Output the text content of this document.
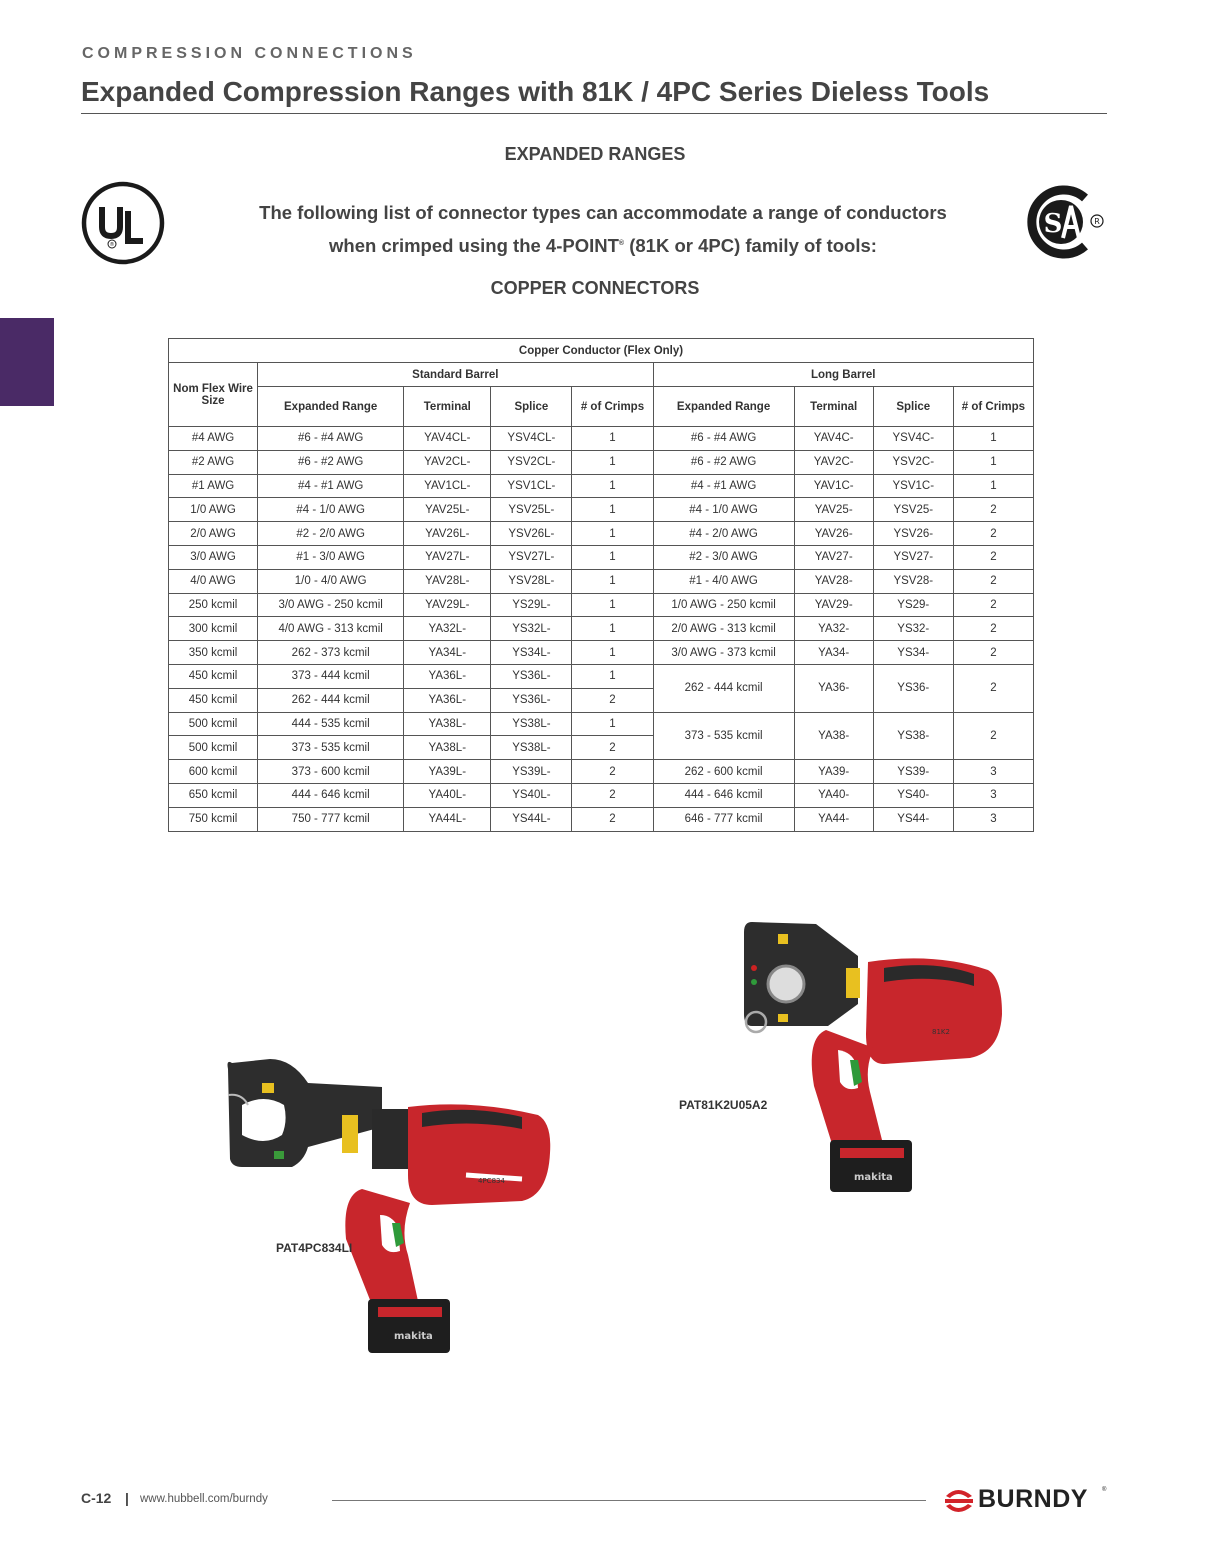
COMPRESSION CONNECTIONS
Expanded Compression Ranges with 81K / 4PC Series Dieless Tools
EXPANDED RANGES
®
The following list of connector types can accommodate a range of conductors
when crimped using the 4-POINT® (81K or 4PC) family of tools:
S	R
COPPER CONNECTORS
Copper Conductor (Flex Only)								
Nom Flex Wire Size	Standard Barrel				Long Barrel			
	Expanded Range	Terminal	Splice	# of Crimps	Expanded Range	Terminal	Splice	# of Crimps
#4 AWG	#6 - #4 AWG	YAV4CL-	YSV4CL-	1	#6 - #4 AWG	YAV4C-	YSV4C-	1
#2 AWG	#6 - #2 AWG	YAV2CL-	YSV2CL-	1	#6 - #2 AWG	YAV2C-	YSV2C-	1
#1 AWG	#4 - #1 AWG	YAV1CL-	YSV1CL-	1	#4 - #1 AWG	YAV1C-	YSV1C-	1
1/0 AWG	#4 - 1/0 AWG	YAV25L-	YSV25L-	1	#4 - 1/0 AWG	YAV25-	YSV25-	2
2/0 AWG	#2 - 2/0 AWG	YAV26L-	YSV26L-	1	#4 - 2/0 AWG	YAV26-	YSV26-	2
3/0 AWG	#1 - 3/0 AWG	YAV27L-	YSV27L-	1	#2 - 3/0 AWG	YAV27-	YSV27-	2
4/0 AWG	1/0 - 4/0 AWG	YAV28L-	YSV28L-	1	#1 - 4/0 AWG	YAV28-	YSV28-	2
250 kcmil	3/0 AWG - 250 kcmil	YAV29L-	YS29L-	1	1/0 AWG - 250 kcmil	YAV29-	YS29-	2
300 kcmil	4/0 AWG - 313 kcmil	YA32L-	YS32L-	1	2/0 AWG - 313 kcmil	YA32-	YS32-	2
350 kcmil	262 - 373 kcmil	YA34L-	YS34L-	1	3/0 AWG - 373 kcmil	YA34-	YS34-	2
450 kcmil	373 - 444 kcmil	YA36L-	YS36L-	1	262 - 444 kcmil	YA36-	YS36-	2
450 kcmil	262 - 444 kcmil	YA36L-	YS36L-	2				
500 kcmil	444 - 535 kcmil	YA38L-	YS38L-	1	373 - 535 kcmil	YA38-	YS38-	2
500 kcmil	373 - 535 kcmil	YA38L-	YS38L-	2				
600 kcmil	373 - 600 kcmil	YA39L-	YS39L-	2	262 - 600 kcmil	YA39-	YS39-	3
650 kcmil	444 - 646 kcmil	YA40L-	YS40L-	2	444 - 646 kcmil	YA40-	YS40-	3
750 kcmil	750 - 777 kcmil	YA44L-	YS44L-	2	646 - 777 kcmil	YA44-	YS44-	3
4PC834
makita
PAT4PC834LI
81K2
makita
PAT81K2U05A2
C-12 | www.hubbell.com/burndy	BURNDY ®
